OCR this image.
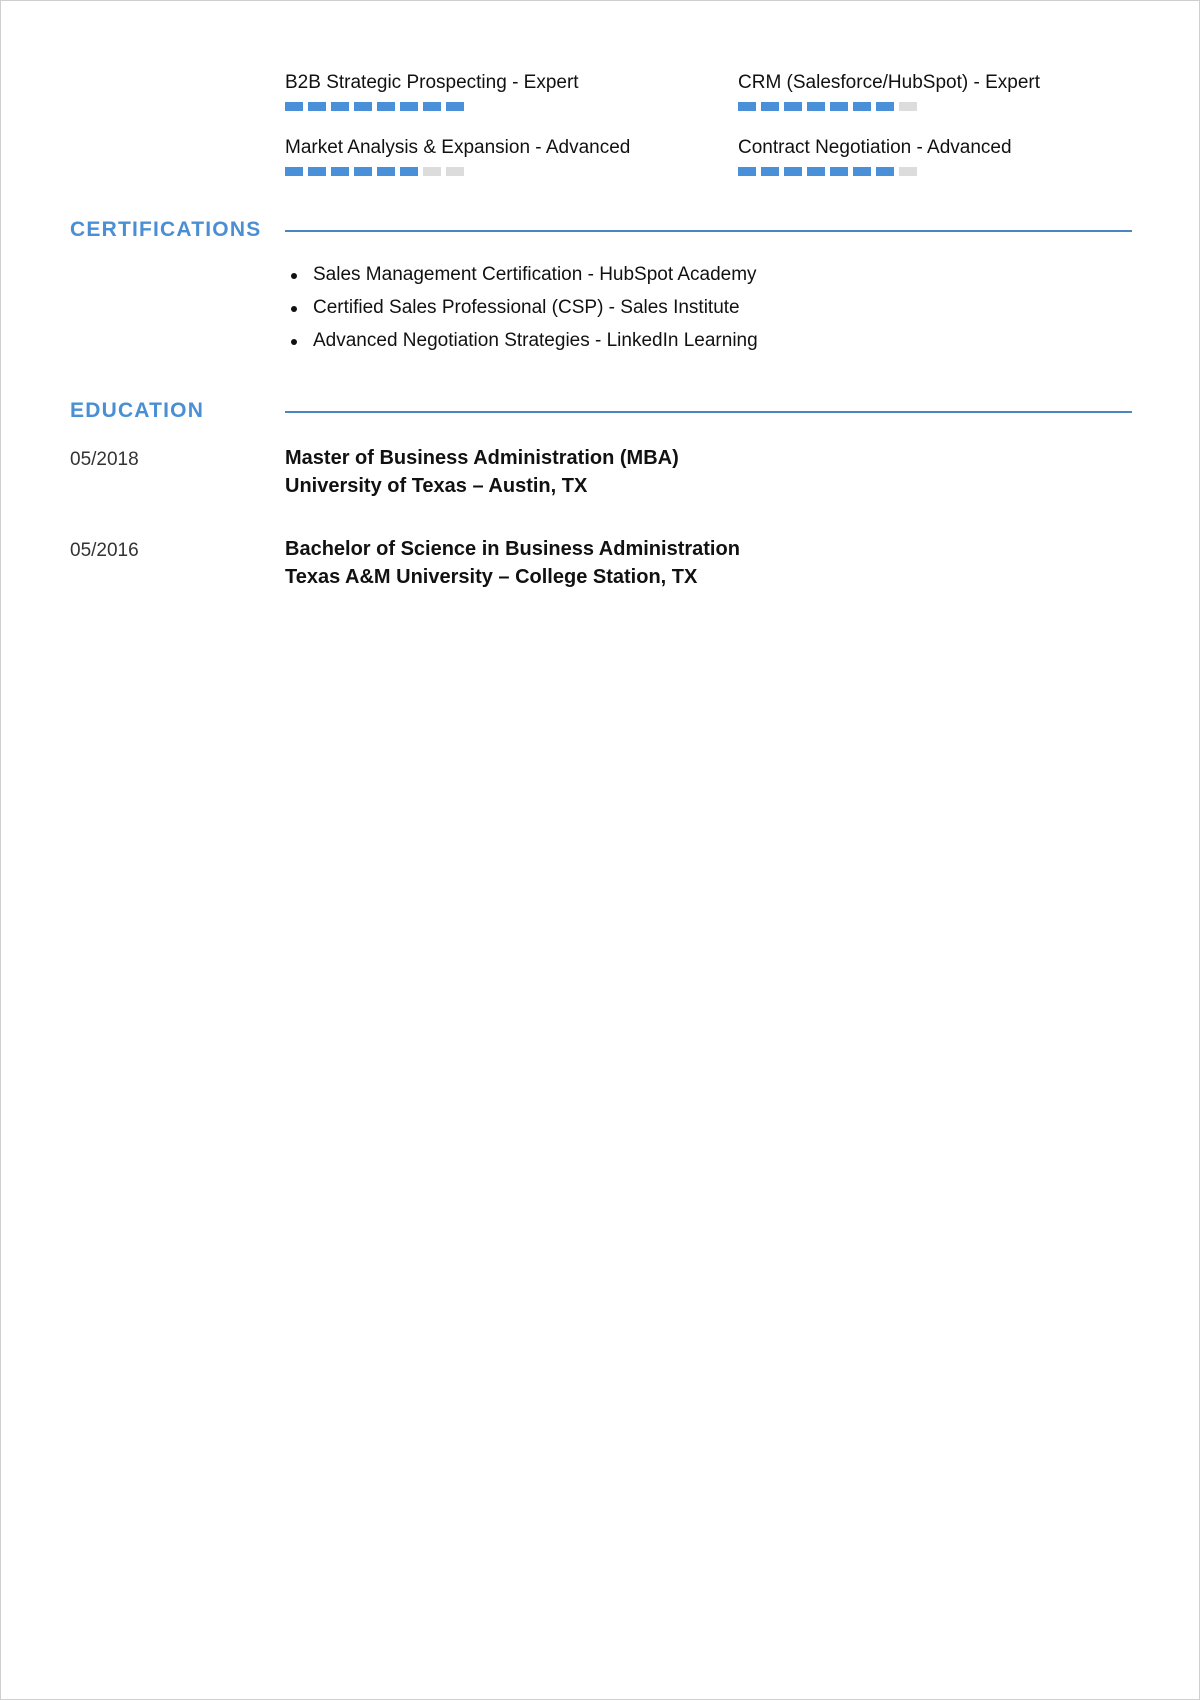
B2B Strategic Prospecting - Expert	CRM (Salesforce/HubSpot) - Expert
Market Analysis & Expansion - Advanced	Contract Negotiation - Advanced
CERTIFICATIONS
Sales Management Certification - HubSpot Academy
Certified Sales Professional (CSP) - Sales Institute
Advanced Negotiation Strategies - LinkedIn Learning
EDUCATION
05/2018	Master of Business Administration (MBA)
University of Texas – Austin, TX
05/2016	Bachelor of Science in Business Administration
Texas A&M University – College Station, TX
